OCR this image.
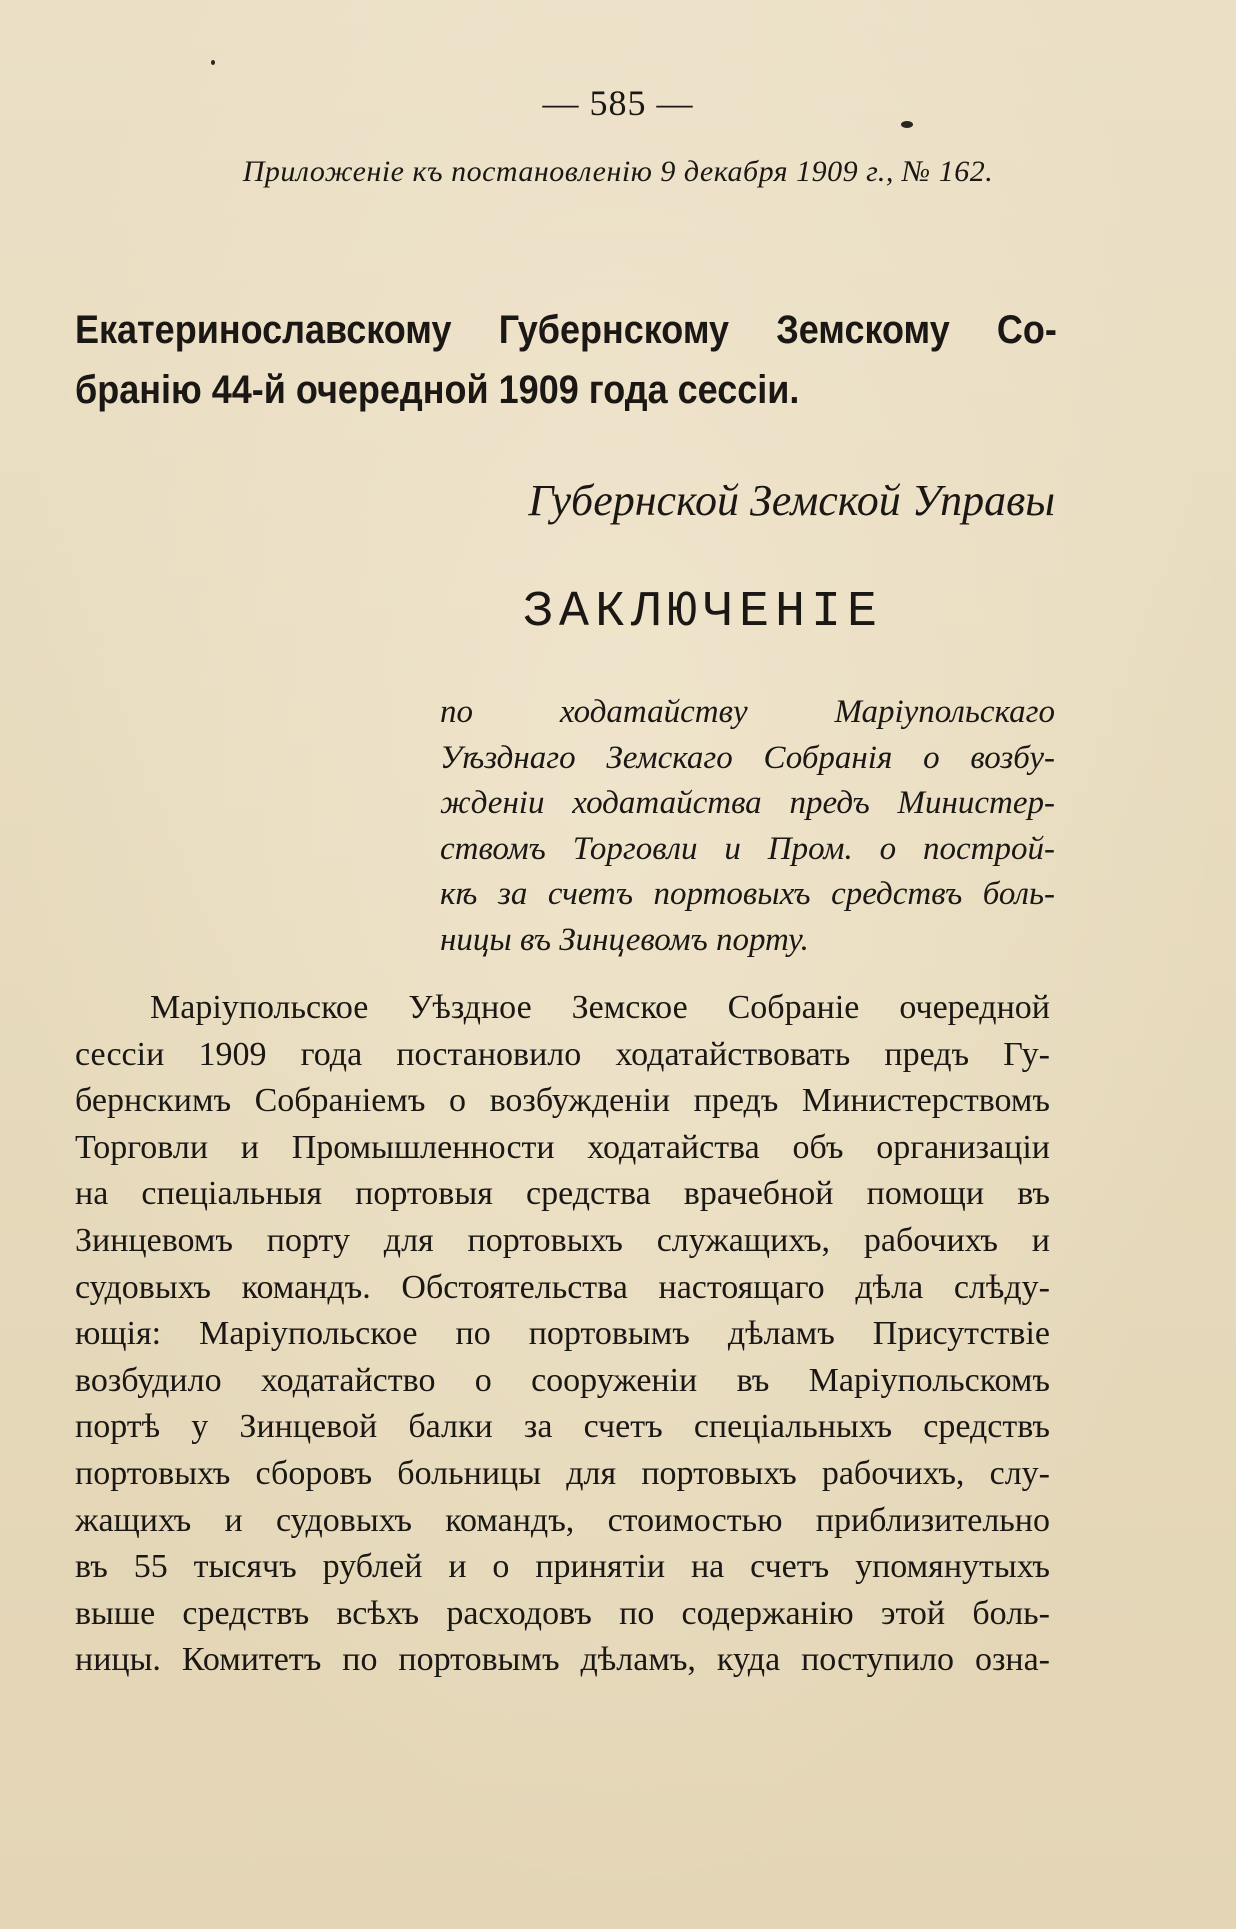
— 585 —
Приложеніе къ постановленію 9 декабря 1909 г., № 162.
Екатеринославскому Губернскому Земскому Со-
бранію 44-й очередной 1909 года сессіи.
Губернской Земской Управы
ЗАКЛЮЧЕНІЕ
по ходатайству Маріупольскаго
Уѣзднаго Земскаго Собранія о возбу-
жденіи ходатайства предъ Министер-
ствомъ Торговли и Пром. о построй-
кѣ за счетъ портовыхъ средствъ боль-
ницы въ Зинцевомъ порту.
Маріупольское Уѣздное Земское Собраніе очередной
сессіи 1909 года постановило ходатайствовать предъ Гу-
бернскимъ Собраніемъ о возбужденіи предъ Министерствомъ
Торговли и Промышленности ходатайства объ организаціи
на спеціальныя портовыя средства врачебной помощи въ
Зинцевомъ порту для портовыхъ служащихъ, рабочихъ и
судовыхъ командъ. Обстоятельства настоящаго дѣла слѣду-
ющія: Маріупольское по портовымъ дѣламъ Присутствіе
возбудило ходатайство о сооруженіи въ Маріупольскомъ
портѣ у Зинцевой балки за счетъ спеціальныхъ средствъ
портовыхъ сборовъ больницы для портовыхъ рабочихъ, слу-
жащихъ и судовыхъ командъ, стоимостью приблизительно
въ 55 тысячъ рублей и о принятіи на счетъ упомянутыхъ
выше средствъ всѣхъ расходовъ по содержанію этой боль-
ницы. Комитетъ по портовымъ дѣламъ, куда поступило озна-
